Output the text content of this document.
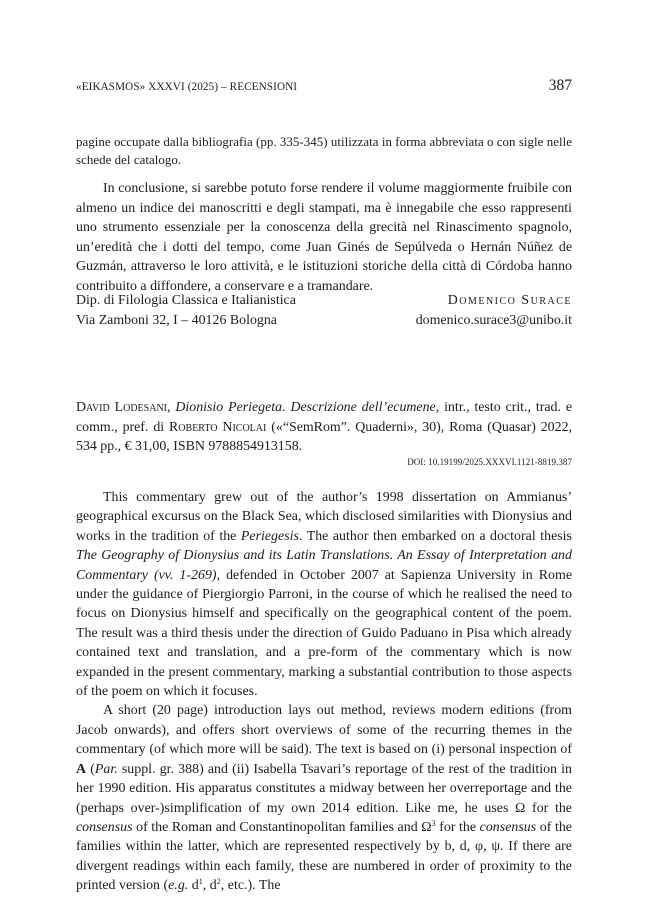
«EIKASMOS» XXXVI (2025) – RECENSIONI	387

pagine occupate dalla bibliografia (pp. 335-345) utilizzata in forma abbreviata o con sigle nelle schede del catalogo.

In conclusione, si sarebbe potuto forse rendere il volume maggiormente fruibile con almeno un indice dei manoscritti e degli stampati, ma è innegabile che esso rappresenti uno strumento essenziale per la conoscenza della grecità nel Rinascimento spagnolo, un’eredità che i dotti del tempo, come Juan Ginés de Sepúlveda o Hernán Núñez de Guzmán, attraverso le loro attività, e le istituzioni storiche della città di Córdoba hanno contribuito a diffondere, a conservare e a tramandare.

Dip. di Filologia Classica e Italianistica
Via Zamboni 32, I – 40126 Bologna
Domenico Surace
domenico.surace3@unibo.it

David Lodesani, Dionisio Periegeta. Descrizione dell’ecumene, intr., testo crit., trad. e comm., pref. di Roberto Nicolai («“SemRom”. Quaderni», 30), Roma (Quasar) 2022, 534 pp., € 31,00, ISBN 9788854913158.

DOI: 10.19199/2025.XXXVI.1121-8819.387

This commentary grew out of the author’s 1998 dissertation on Ammianus’ geographical excursus on the Black Sea, which disclosed similarities with Dionysius and works in the tradition of the Periegesis. The author then embarked on a doctoral thesis The Geography of Dionysius and its Latin Translations. An Essay of Interpretation and Commentary (vv. 1-269), defended in October 2007 at Sapienza University in Rome under the guidance of Piergiorgio Parroni, in the course of which he realised the need to focus on Dionysius himself and specifically on the geographical content of the poem. The result was a third thesis under the direction of Guido Paduano in Pisa which already contained text and translation, and a pre-form of the commentary which is now expanded in the present commentary, marking a substantial contribution to those aspects of the poem on which it focuses.

A short (20 page) introduction lays out method, reviews modern editions (from Jacob onwards), and offers short overviews of some of the recurring themes in the commentary (of which more will be said). The text is based on (i) personal inspection of A (Par. suppl. gr. 388) and (ii) Isabella Tsavari’s reportage of the rest of the tradition in her 1990 edition. His apparatus constitutes a midway between her overreportage and the (perhaps over-)simplification of my own 2014 edition. Like me, he uses Ω for the consensus of the Roman and Constantinopolitan families and $\Omega^3$ for the consensus of the families within the latter, which are represented respectively by b, d, φ, ψ. If there are divergent readings within each family, these are numbered in order of proximity to the printed version (e.g. $d^1$, $d^2$, etc.). The
